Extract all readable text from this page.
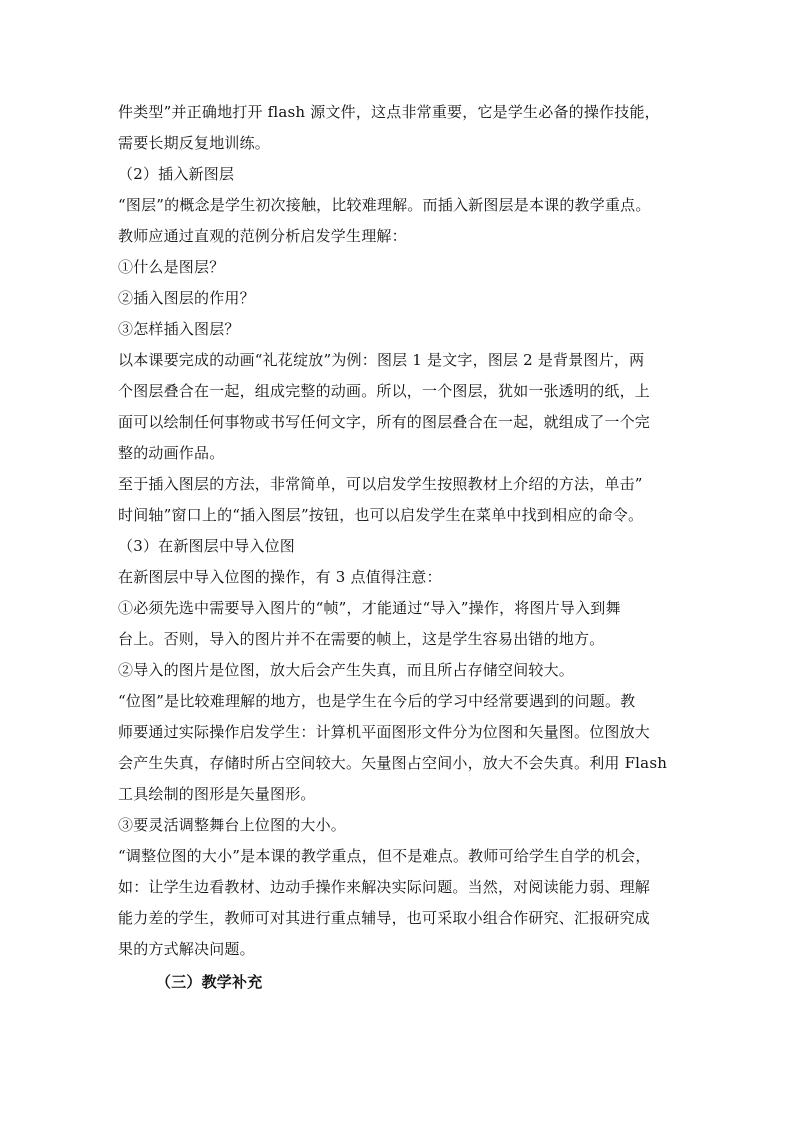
件类型”并正确地打开 flash 源文件，这点非常重要，它是学生必备的操作技能，
需要长期反复地训练。
（2）插入新图层
“图层”的概念是学生初次接触，比较难理解。而插入新图层是本课的教学重点。
教师应通过直观的范例分析启发学生理解：
①什么是图层？
②插入图层的作用？
③怎样插入图层？
以本课要完成的动画“礼花绽放”为例：图层 1 是文字，图层 2 是背景图片，两
个图层叠合在一起，组成完整的动画。所以，一个图层，犹如一张透明的纸，上
面可以绘制任何事物或书写任何文字，所有的图层叠合在一起，就组成了一个完
整的动画作品。
至于插入图层的方法，非常简单，可以启发学生按照教材上介绍的方法，单击”
时间轴”窗口上的“插入图层”按钮，也可以启发学生在菜单中找到相应的命令。
（3）在新图层中导入位图
在新图层中导入位图的操作，有 3 点值得注意：
①必须先选中需要导入图片的“帧”，才能通过“导入”操作，将图片导入到舞
台上。否则，导入的图片并不在需要的帧上，这是学生容易出错的地方。
②导入的图片是位图，放大后会产生失真，而且所占存储空间较大。
“位图”是比较难理解的地方，也是学生在今后的学习中经常要遇到的问题。教
师要通过实际操作启发学生：计算机平面图形文件分为位图和矢量图。位图放大
会产生失真，存储时所占空间较大。矢量图占空间小，放大不会失真。利用 Flash
工具绘制的图形是矢量图形。
③要灵活调整舞台上位图的大小。
“调整位图的大小”是本课的教学重点，但不是难点。教师可给学生自学的机会，
如：让学生边看教材、边动手操作来解决实际问题。当然，对阅读能力弱、理解
能力差的学生，教师可对其进行重点辅导，也可采取小组合作研究、汇报研究成
果的方式解决问题。
（三）教学补充
